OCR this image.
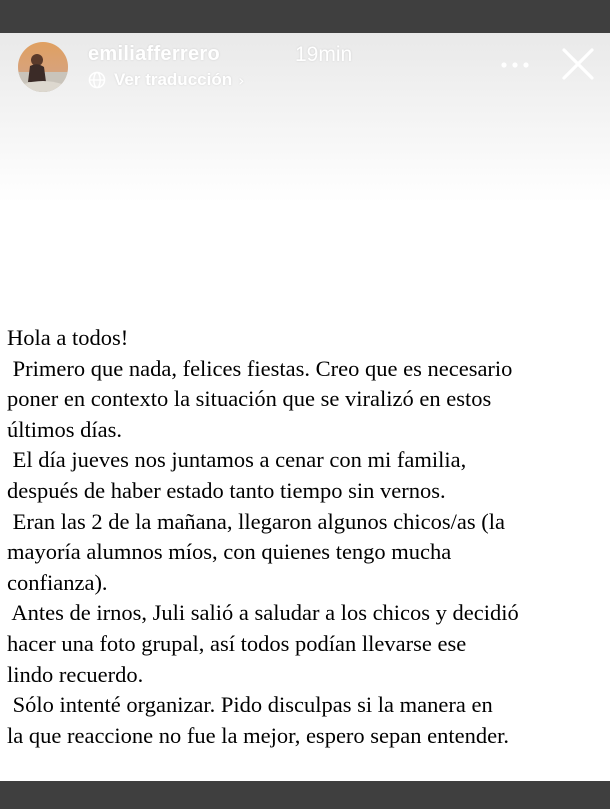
emiliafferrero	19min
Ver traducción ›
Hola a todos!
Primero que nada, felices fiestas. Creo que es necesario
poner en contexto la situación que se viralizó en estos
últimos días.
El día jueves nos juntamos a cenar con mi familia,
después de haber estado tanto tiempo sin vernos.
Eran las 2 de la mañana, llegaron algunos chicos/as (la
mayoría alumnos míos, con quienes tengo mucha
confianza).
Antes de irnos, Juli salió a saludar a los chicos y decidió
hacer una foto grupal, así todos podían llevarse ese
lindo recuerdo.
Sólo intenté organizar. Pido disculpas si la manera en
la que reaccione no fue la mejor, espero sepan entender.
